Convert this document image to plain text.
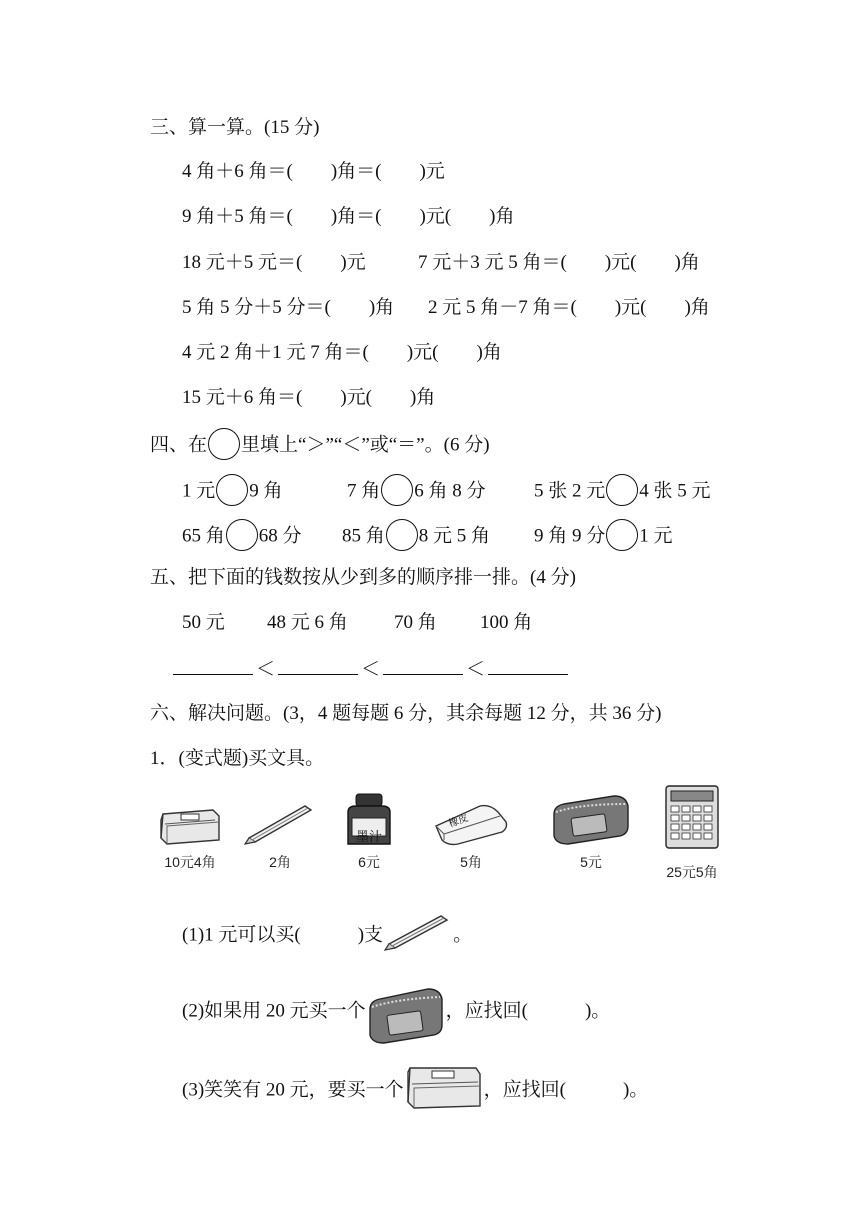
三、算一算。(15 分)
4 角＋6 角＝(　　)角＝(　　)元
9 角＋5 角＝(　　)角＝(　　)元(　　)角
18 元＋5 元＝(　　)元	7 元＋3 元 5 角＝(　　)元(　　)角
5 角 5 分＋5 分＝(　　)角 2 元 5 角－7 角＝(　　)元(　　)角
4 元 2 角＋1 元 7 角＝(　　)元(　　)角
15 元＋6 角＝(　　)元(　　)角
四、在 里填上“＞”“＜”或“＝”。(6 分)
1 元 9 角	7 角 6 角 8 分	5 张 2 元 4 张 5 元
65 角 68 分 85 角 8 元 5 角 9 角 9 分 1 元
五、把下面的钱数按从少到多的顺序排一排。(4 分)
50 元 48 元 6 角 70 角 100 角
＜	＜	＜
六、解决问题。(3，4 题每题 6 分，其余每题 12 分，共 36 分)
1．(变式题)买文具。
10元4角	2角
墨汁
6元
橡皮
5角	5元
25元5角
(1)1 元可以买(　　　)支	。
(2)如果用 20 元买一个	，应找回(　　　)。
(3)笑笑有 20 元，要买一个	，应找回(　　　)。
